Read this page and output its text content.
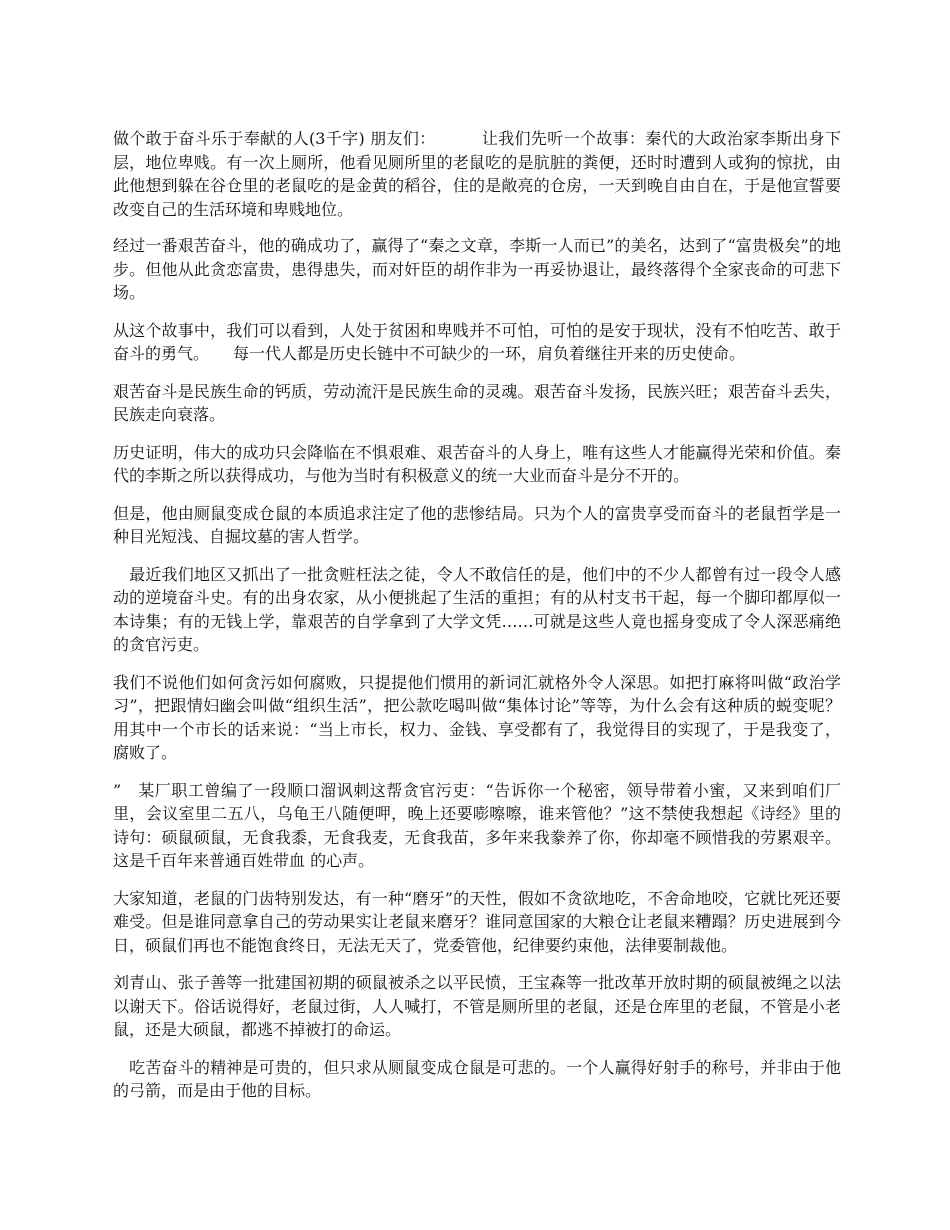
做个敢于奋斗乐于奉献的人(3千字) 朋友们：	让我们先听一个故事：秦代的大政治家李斯出身下层，地位卑贱。有一次上厕所，他看见厕所里的老鼠吃的是肮脏的粪便，还时时遭到人或狗的惊扰，由此他想到躲在谷仓里的老鼠吃的是金黄的稻谷，住的是敞亮的仓房，一天到晚自由自在，于是他宣誓要改变自己的生活环境和卑贱地位。

经过一番艰苦奋斗，他的确成功了，赢得了“秦之文章，李斯一人而已”的美名，达到了“富贵极矣”的地步。但他从此贪恋富贵，患得患失，而对奸臣的胡作非为一再妥协退让，最终落得个全家丧命的可悲下场。

从这个故事中，我们可以看到，人处于贫困和卑贱并不可怕，可怕的是安于现状，没有不怕吃苦、敢于奋斗的勇气。　　每一代人都是历史长链中不可缺少的一环，肩负着继往开来的历史使命。

艰苦奋斗是民族生命的钙质，劳动流汗是民族生命的灵魂。艰苦奋斗发扬，民族兴旺；艰苦奋斗丢失，民族走向衰落。

历史证明，伟大的成功只会降临在不惧艰难、艰苦奋斗的人身上，唯有这些人才能赢得光荣和价值。秦代的李斯之所以获得成功，与他为当时有积极意义的统一大业而奋斗是分不开的。

但是，他由厕鼠变成仓鼠的本质追求注定了他的悲惨结局。只为个人的富贵享受而奋斗的老鼠哲学是一种目光短浅、自掘坟墓的害人哲学。

　最近我们地区又抓出了一批贪赃枉法之徒，令人不敢信任的是，他们中的不少人都曾有过一段令人感动的逆境奋斗史。有的出身农家，从小便挑起了生活的重担；有的从村支书干起，每一个脚印都厚似一本诗集；有的无钱上学，靠艰苦的自学拿到了大学文凭……可就是这些人竟也摇身变成了令人深恶痛绝的贪官污吏。

我们不说他们如何贪污如何腐败，只提提他们惯用的新词汇就格外令人深思。如把打麻将叫做“政治学习”，把跟情妇幽会叫做“组织生活”，把公款吃喝叫做“集体讨论”等等，为什么会有这种质的蜕变呢？用其中一个市长的话来说：“当上市长，权力、金钱、享受都有了，我觉得目的实现了，于是我变了，腐败了。

”　某厂职工曾编了一段顺口溜讽刺这帮贪官污吏：“告诉你一个秘密，领导带着小蜜，又来到咱们厂里，会议室里二五八，乌龟王八随便呷，晚上还要嘭嚓嚓，谁来管他？”这不禁使我想起《诗经》里的诗句：硕鼠硕鼠，无食我黍，无食我麦，无食我苗，多年来我豢养了你，你却毫不顾惜我的劳累艰辛。这是千百年来普通百姓带血 的心声。

大家知道，老鼠的门齿特别发达，有一种“磨牙”的天性，假如不贪欲地吃，不舍命地咬，它就比死还要难受。但是谁同意拿自己的劳动果实让老鼠来磨牙？谁同意国家的大粮仓让老鼠来糟蹋？历史进展到今日，硕鼠们再也不能饱食终日，无法无天了，党委管他，纪律要约束他，法律要制裁他。

刘青山、张子善等一批建国初期的硕鼠被杀之以平民愤，王宝森等一批改革开放时期的硕鼠被绳之以法以谢天下。俗话说得好，老鼠过街，人人喊打，不管是厕所里的老鼠，还是仓库里的老鼠，不管是小老鼠，还是大硕鼠，都逃不掉被打的命运。

　吃苦奋斗的精神是可贵的，但只求从厕鼠变成仓鼠是可悲的。一个人赢得好射手的称号，并非由于他的弓箭，而是由于他的目标。
